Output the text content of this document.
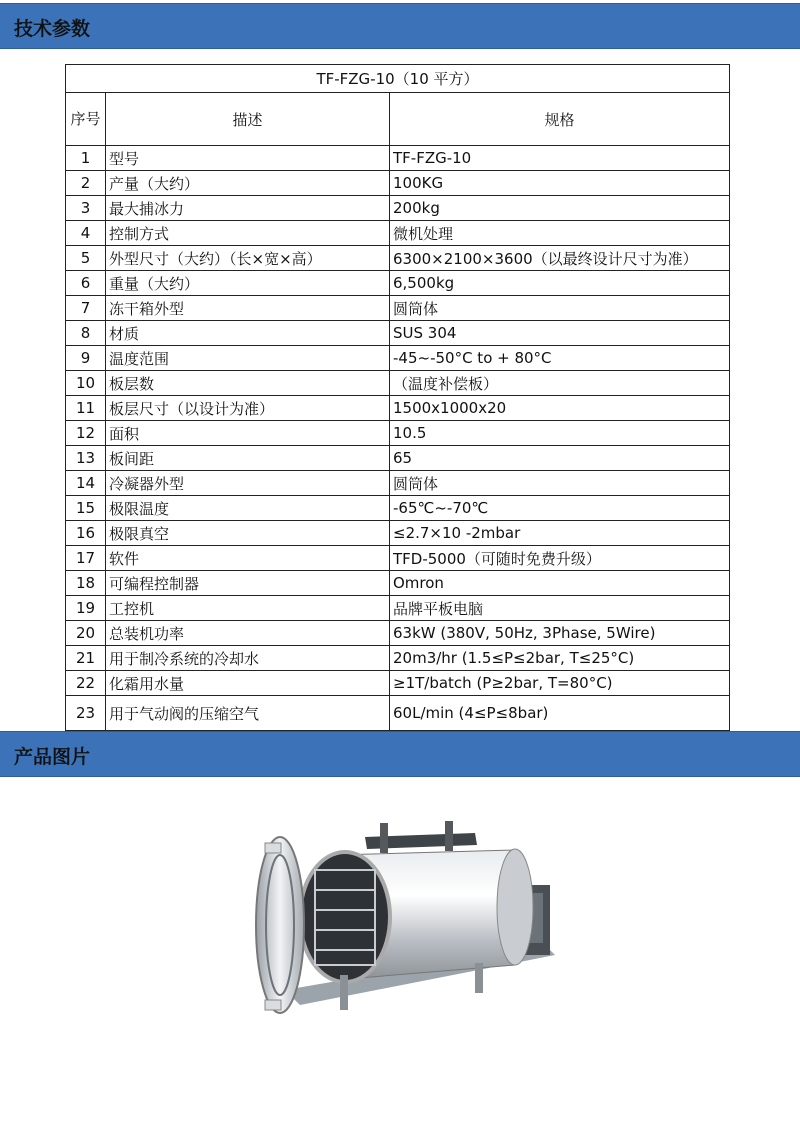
技术参数
TF-FZG-10（10 平方）		
序号	描述	规格
1	型号	TF-FZG-10
2	产量（大约）	100KG
3	最大捕冰力	200kg
4	控制方式	微机处理
5	外型尺寸（大约）（长×宽×高）	6300×2100×3600（以最终设计尺寸为准）
6	重量（大约）	6,500kg
7	冻干箱外型	圆筒体
8	材质	SUS 304
9	温度范围	-45~-50°C to + 80°C
10	板层数	（温度补偿板）
11	板层尺寸（以设计为准）	1500x1000x20
12	面积	10.5
13	板间距	65
14	冷凝器外型	圆筒体
15	极限温度	-65℃~-70℃
16	极限真空	≤2.7×10 -2mbar
17	软件	TFD-5000（可随时免费升级）
18	可编程控制器	Omron
19	工控机	品牌平板电脑
20	总装机功率	63kW (380V, 50Hz, 3Phase, 5Wire)
21	用于制冷系统的冷却水	20m3/hr (1.5≤P≤2bar, T≤25°C)
22	化霜用水量	≥1T/batch (P≥2bar, T=80°C)
23	用于气动阀的压缩空气	60L/min (4≤P≤8bar)
产品图片
